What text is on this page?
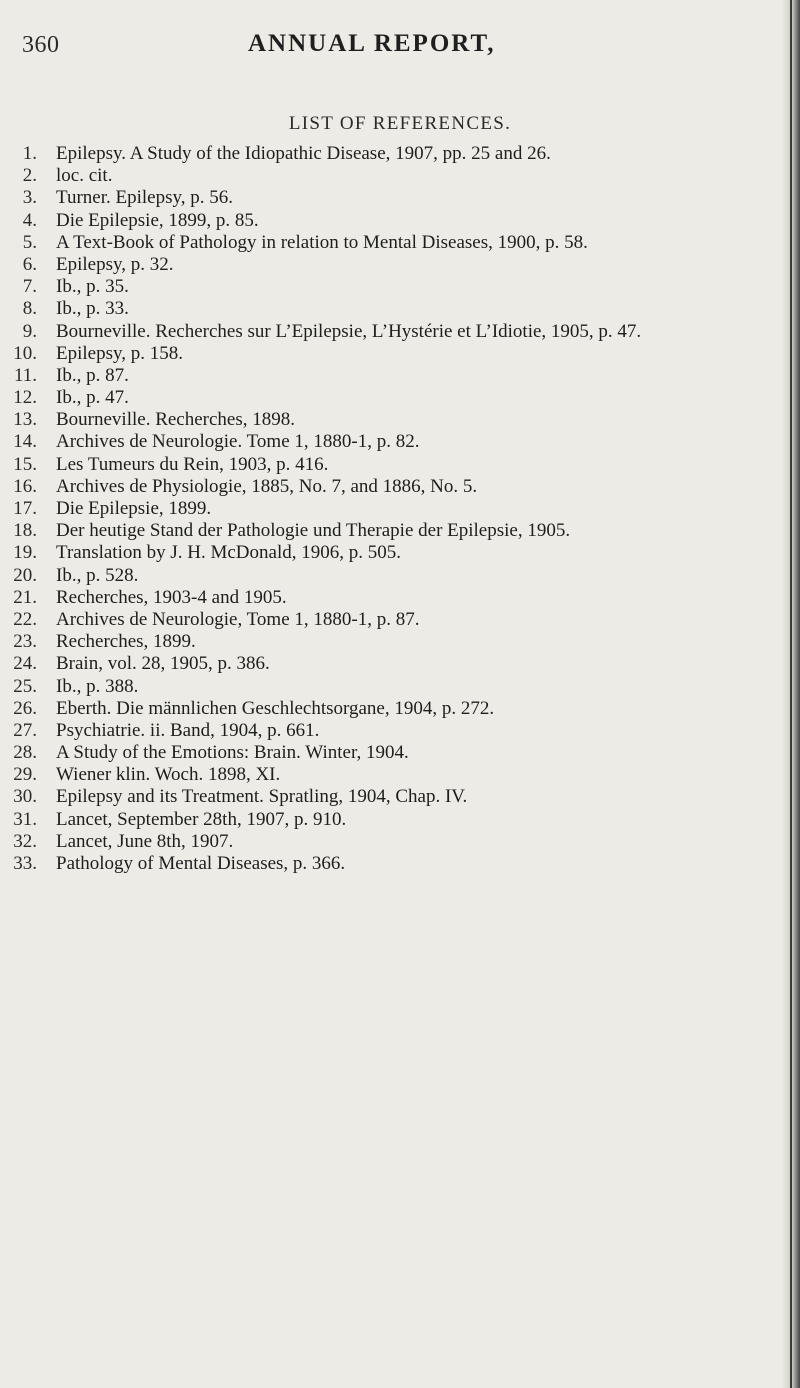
360	ANNUAL REPORT,
LIST OF REFERENCES.
1. Epilepsy. A Study of the Idiopathic Disease, 1907, pp. 25 and 26.
2. loc. cit.
3. Turner. Epilepsy, p. 56.
4. Die Epilepsie, 1899, p. 85.
5. A Text-Book of Pathology in relation to Mental Diseases, 1900, p. 58.
6. Epilepsy, p. 32.
7. Ib., p. 35.
8. Ib., p. 33.
9. Bourneville. Recherches sur L’Epilepsie, L’Hystérie et L’Idiotie, 1905, p. 47.
10. Epilepsy, p. 158.
11. Ib., p. 87.
12. Ib., p. 47.
13. Bourneville. Recherches, 1898.
14. Archives de Neurologie. Tome 1, 1880-1, p. 82.
15. Les Tumeurs du Rein, 1903, p. 416.
16. Archives de Physiologie, 1885, No. 7, and 1886, No. 5.
17. Die Epilepsie, 1899.
18. Der heutige Stand der Pathologie und Therapie der Epilepsie, 1905.
19. Translation by J. H. McDonald, 1906, p. 505.
20. Ib., p. 528.
21. Recherches, 1903-4 and 1905.
22. Archives de Neurologie, Tome 1, 1880-1, p. 87.
23. Recherches, 1899.
24. Brain, vol. 28, 1905, p. 386.
25. Ib., p. 388.
26. Eberth. Die männlichen Geschlechtsorgane, 1904, p. 272.
27. Psychiatrie. ii. Band, 1904, p. 661.
28. A Study of the Emotions: Brain. Winter, 1904.
29. Wiener klin. Woch. 1898, XI.
30. Epilepsy and its Treatment. Spratling, 1904, Chap. IV.
31. Lancet, September 28th, 1907, p. 910.
32. Lancet, June 8th, 1907.
33. Pathology of Mental Diseases, p. 366.
